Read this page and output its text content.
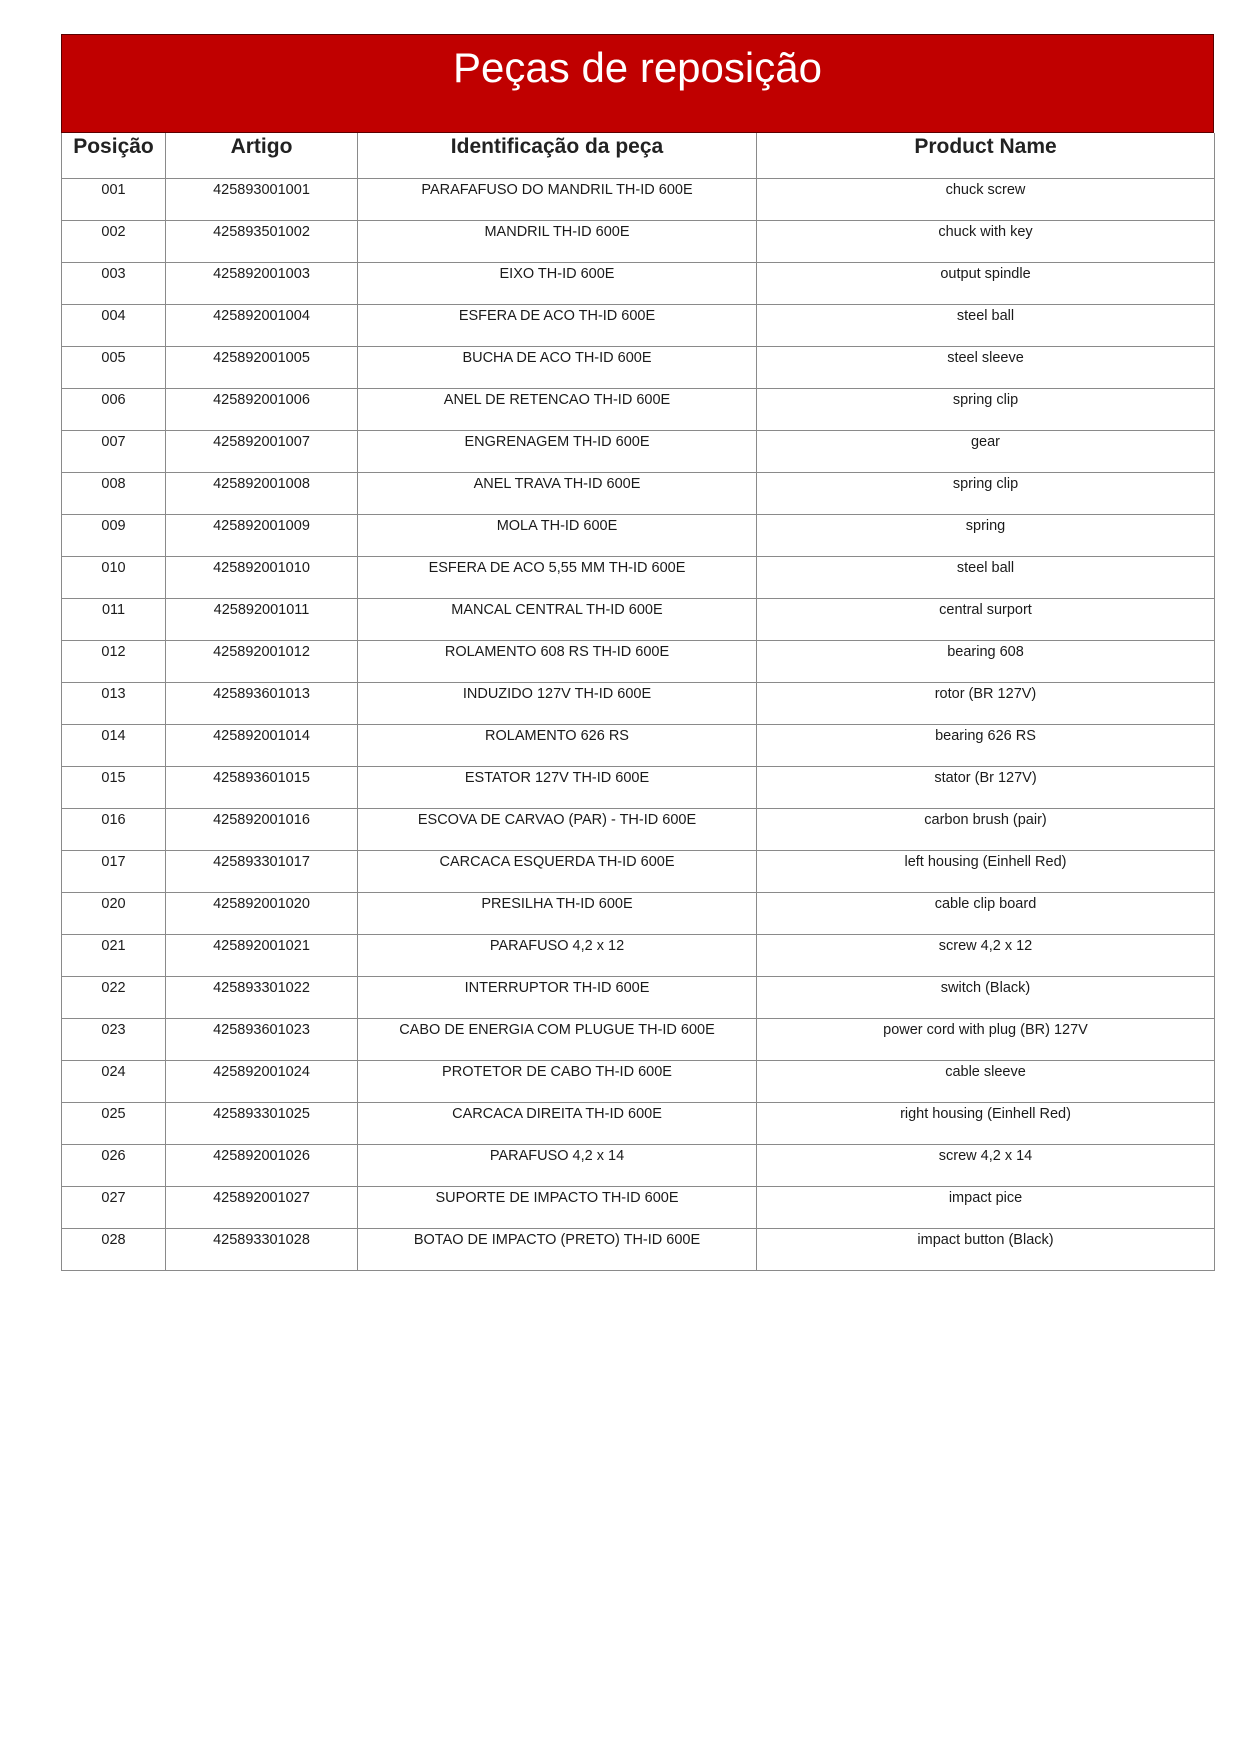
Peças de reposição
Posição	Artigo	Identificação da peça	Product Name
001	425893001001	PARAFAFUSO DO MANDRIL TH-ID 600E	chuck screw
002	425893501002	MANDRIL TH-ID 600E	chuck with key
003	425892001003	EIXO TH-ID 600E	output spindle
004	425892001004	ESFERA DE ACO TH-ID 600E	steel ball
005	425892001005	BUCHA DE ACO TH-ID 600E	steel sleeve
006	425892001006	ANEL DE RETENCAO TH-ID 600E	spring clip
007	425892001007	ENGRENAGEM TH-ID 600E	gear
008	425892001008	ANEL TRAVA TH-ID 600E	spring clip
009	425892001009	MOLA TH-ID 600E	spring
010	425892001010	ESFERA DE ACO 5,55 MM TH-ID 600E	steel ball
011	425892001011	MANCAL CENTRAL TH-ID 600E	central surport
012	425892001012	ROLAMENTO 608 RS TH-ID 600E	bearing 608
013	425893601013	INDUZIDO 127V TH-ID 600E	rotor (BR 127V)
014	425892001014	ROLAMENTO 626 RS	bearing 626 RS
015	425893601015	ESTATOR 127V TH-ID 600E	stator (Br 127V)
016	425892001016	ESCOVA DE CARVAO (PAR) - TH-ID 600E	carbon brush (pair)
017	425893301017	CARCACA ESQUERDA TH-ID 600E	left housing (Einhell Red)
020	425892001020	PRESILHA TH-ID 600E	cable clip board
021	425892001021	PARAFUSO 4,2 x 12	screw 4,2 x 12
022	425893301022	INTERRUPTOR TH-ID 600E	switch (Black)
023	425893601023	CABO DE ENERGIA COM PLUGUE TH-ID 600E	power cord with plug (BR) 127V
024	425892001024	PROTETOR DE CABO TH-ID 600E	cable sleeve
025	425893301025	CARCACA DIREITA TH-ID 600E	right housing (Einhell Red)
026	425892001026	PARAFUSO 4,2 x 14	screw 4,2 x 14
027	425892001027	SUPORTE DE IMPACTO TH-ID 600E	impact pice
028	425893301028	BOTAO DE IMPACTO (PRETO) TH-ID 600E	impact button (Black)
